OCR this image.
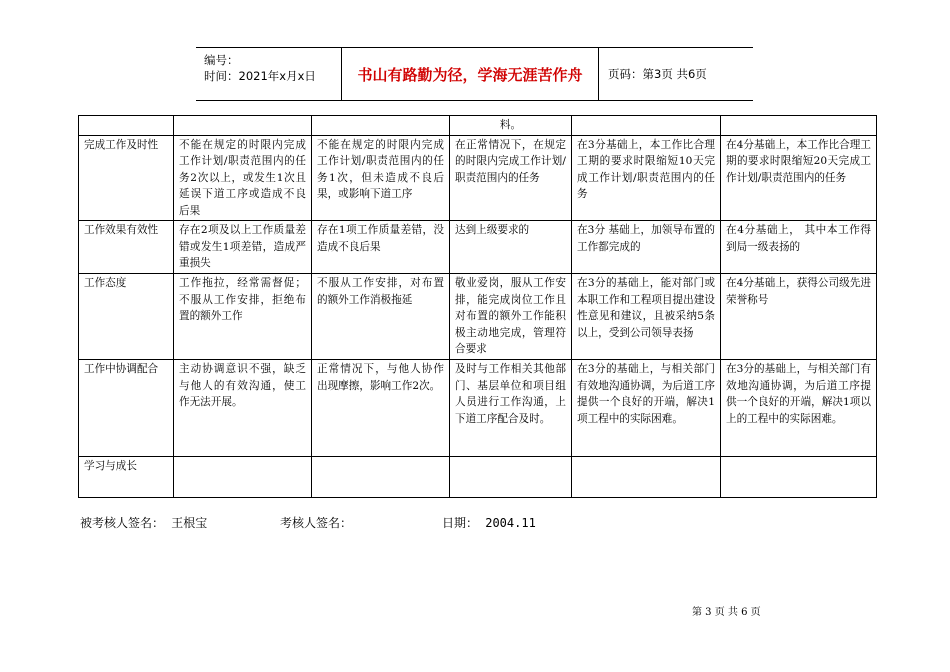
编号：
时间：2021年x月x日	书山有路勤为径，学海无涯苦作舟	页码：第3页 共6页
			料。		
完成工作及时性	不能在规定的时限内完成工作计划/职责范围内的任务2次以上，或发生1次且延误下道工序或造成不良后果	不能在规定的时限内完成工作计划/职责范围内的任务1次，但未造成不良后果，或影响下道工序	在正常情况下，在规定的时限内完成工作计划/职责范围内的任务	在3分基础上，本工作比合理工期的要求时限缩短10天完成工作计划/职责范围内的任务	在4分基础上，本工作比合理工期的要求时限缩短20天完成工作计划/职责范围内的任务
工作效果有效性	存在2项及以上工作质量差错或发生1项差错，造成严重损失	存在1项工作质量差错，没造成不良后果	达到上级要求的	在3分 基础上，加领导布置的工作都完成的	在4分基础上， 其中本工作得到局一级表扬的
工作态度	工作拖拉，经常需督促；不服从工作安排，拒绝布置的额外工作	不服从工作安排，对布置的额外工作消极拖延	敬业爱岗，服从工作安排，能完成岗位工作且对布置的额外工作能积极主动地完成，管理符合要求	在3分的基础上，能对部门或本职工作和工程项目提出建设性意见和建议，且被采纳5条以上，受到公司领导表扬	在4分基础上，获得公司级先进荣誉称号
工作中协调配合	主动协调意识不强，缺乏与他人的有效沟通，使工作无法开展。	正常情况下，与他人协作出现摩擦，影响工作2次。	及时与工作相关其他部门、基层单位和项目组人员进行工作沟通，上下道工序配合及时。	在3分的基础上，与相关部门有效地沟通协调，为后道工序提供一个良好的开端，解决1项工程中的实际困难。	在3分的基础上，与相关部门有效地沟通协调，为后道工序提供一个良好的开端，解决1项以上的工程中的实际困难。
学习与成长					
被考核人签名： 王根宝	考核人签名：	日期： 2004.11
第 3 页 共 6 页
